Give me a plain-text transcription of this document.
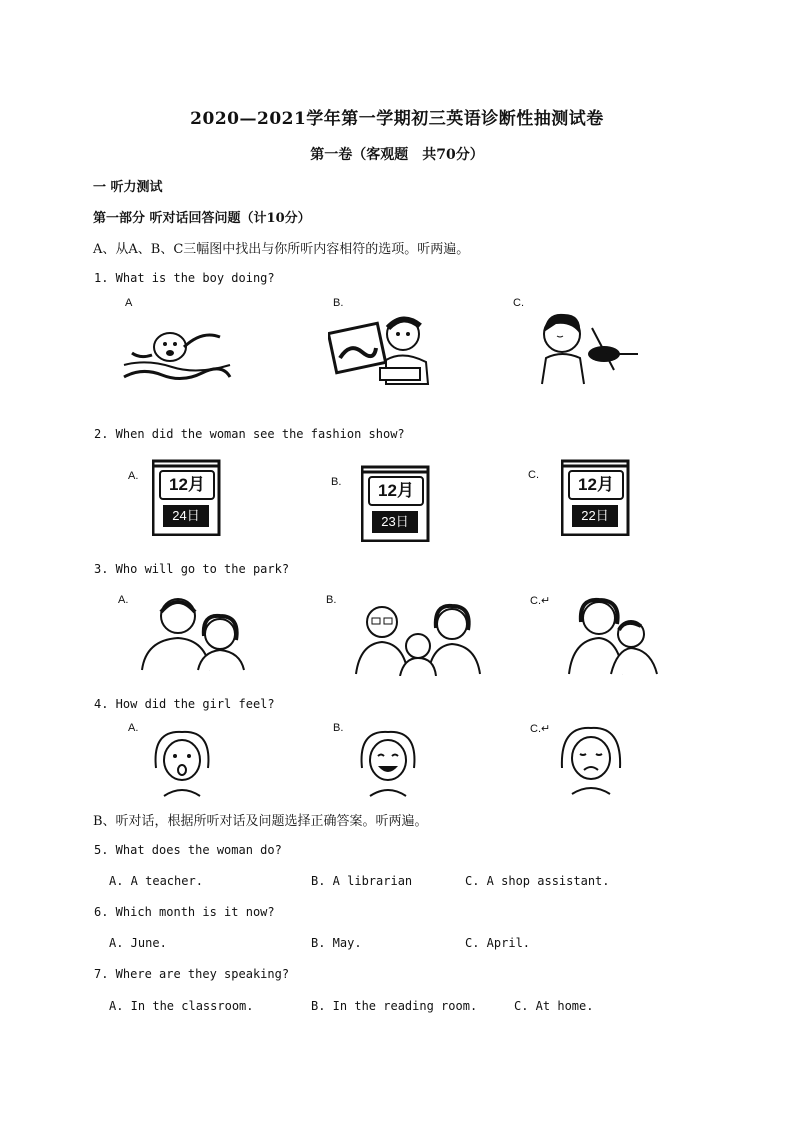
2020—2021学年第一学期初三英语诊断性抽测试卷
第一卷（客观题　共70分）
一 听力测试
第一部分 听对话回答问题（计10分）
A、从A、B、C三幅图中找出与你所听内容相符的选项。听两遍。
1. What is the boy doing?
A	B.	C.
2. When did the woman see the fashion show?
A.	B.
C.
12月
24日
12月
23日
12月
22日
3. Who will go to the park?
A.	B.	C.↵
4. How did the girl feel?
A.	B.	C.↵
B、听对话，根据所听对话及问题选择正确答案。听两遍。
5. What does the woman do?
A. A teacher.	B. A librarian	C. A shop assistant.
6. Which month is it now?
A. June.	B. May.	C. April.
7. Where are they speaking?
A. In the classroom.	B. In the reading room.	C. At home.
